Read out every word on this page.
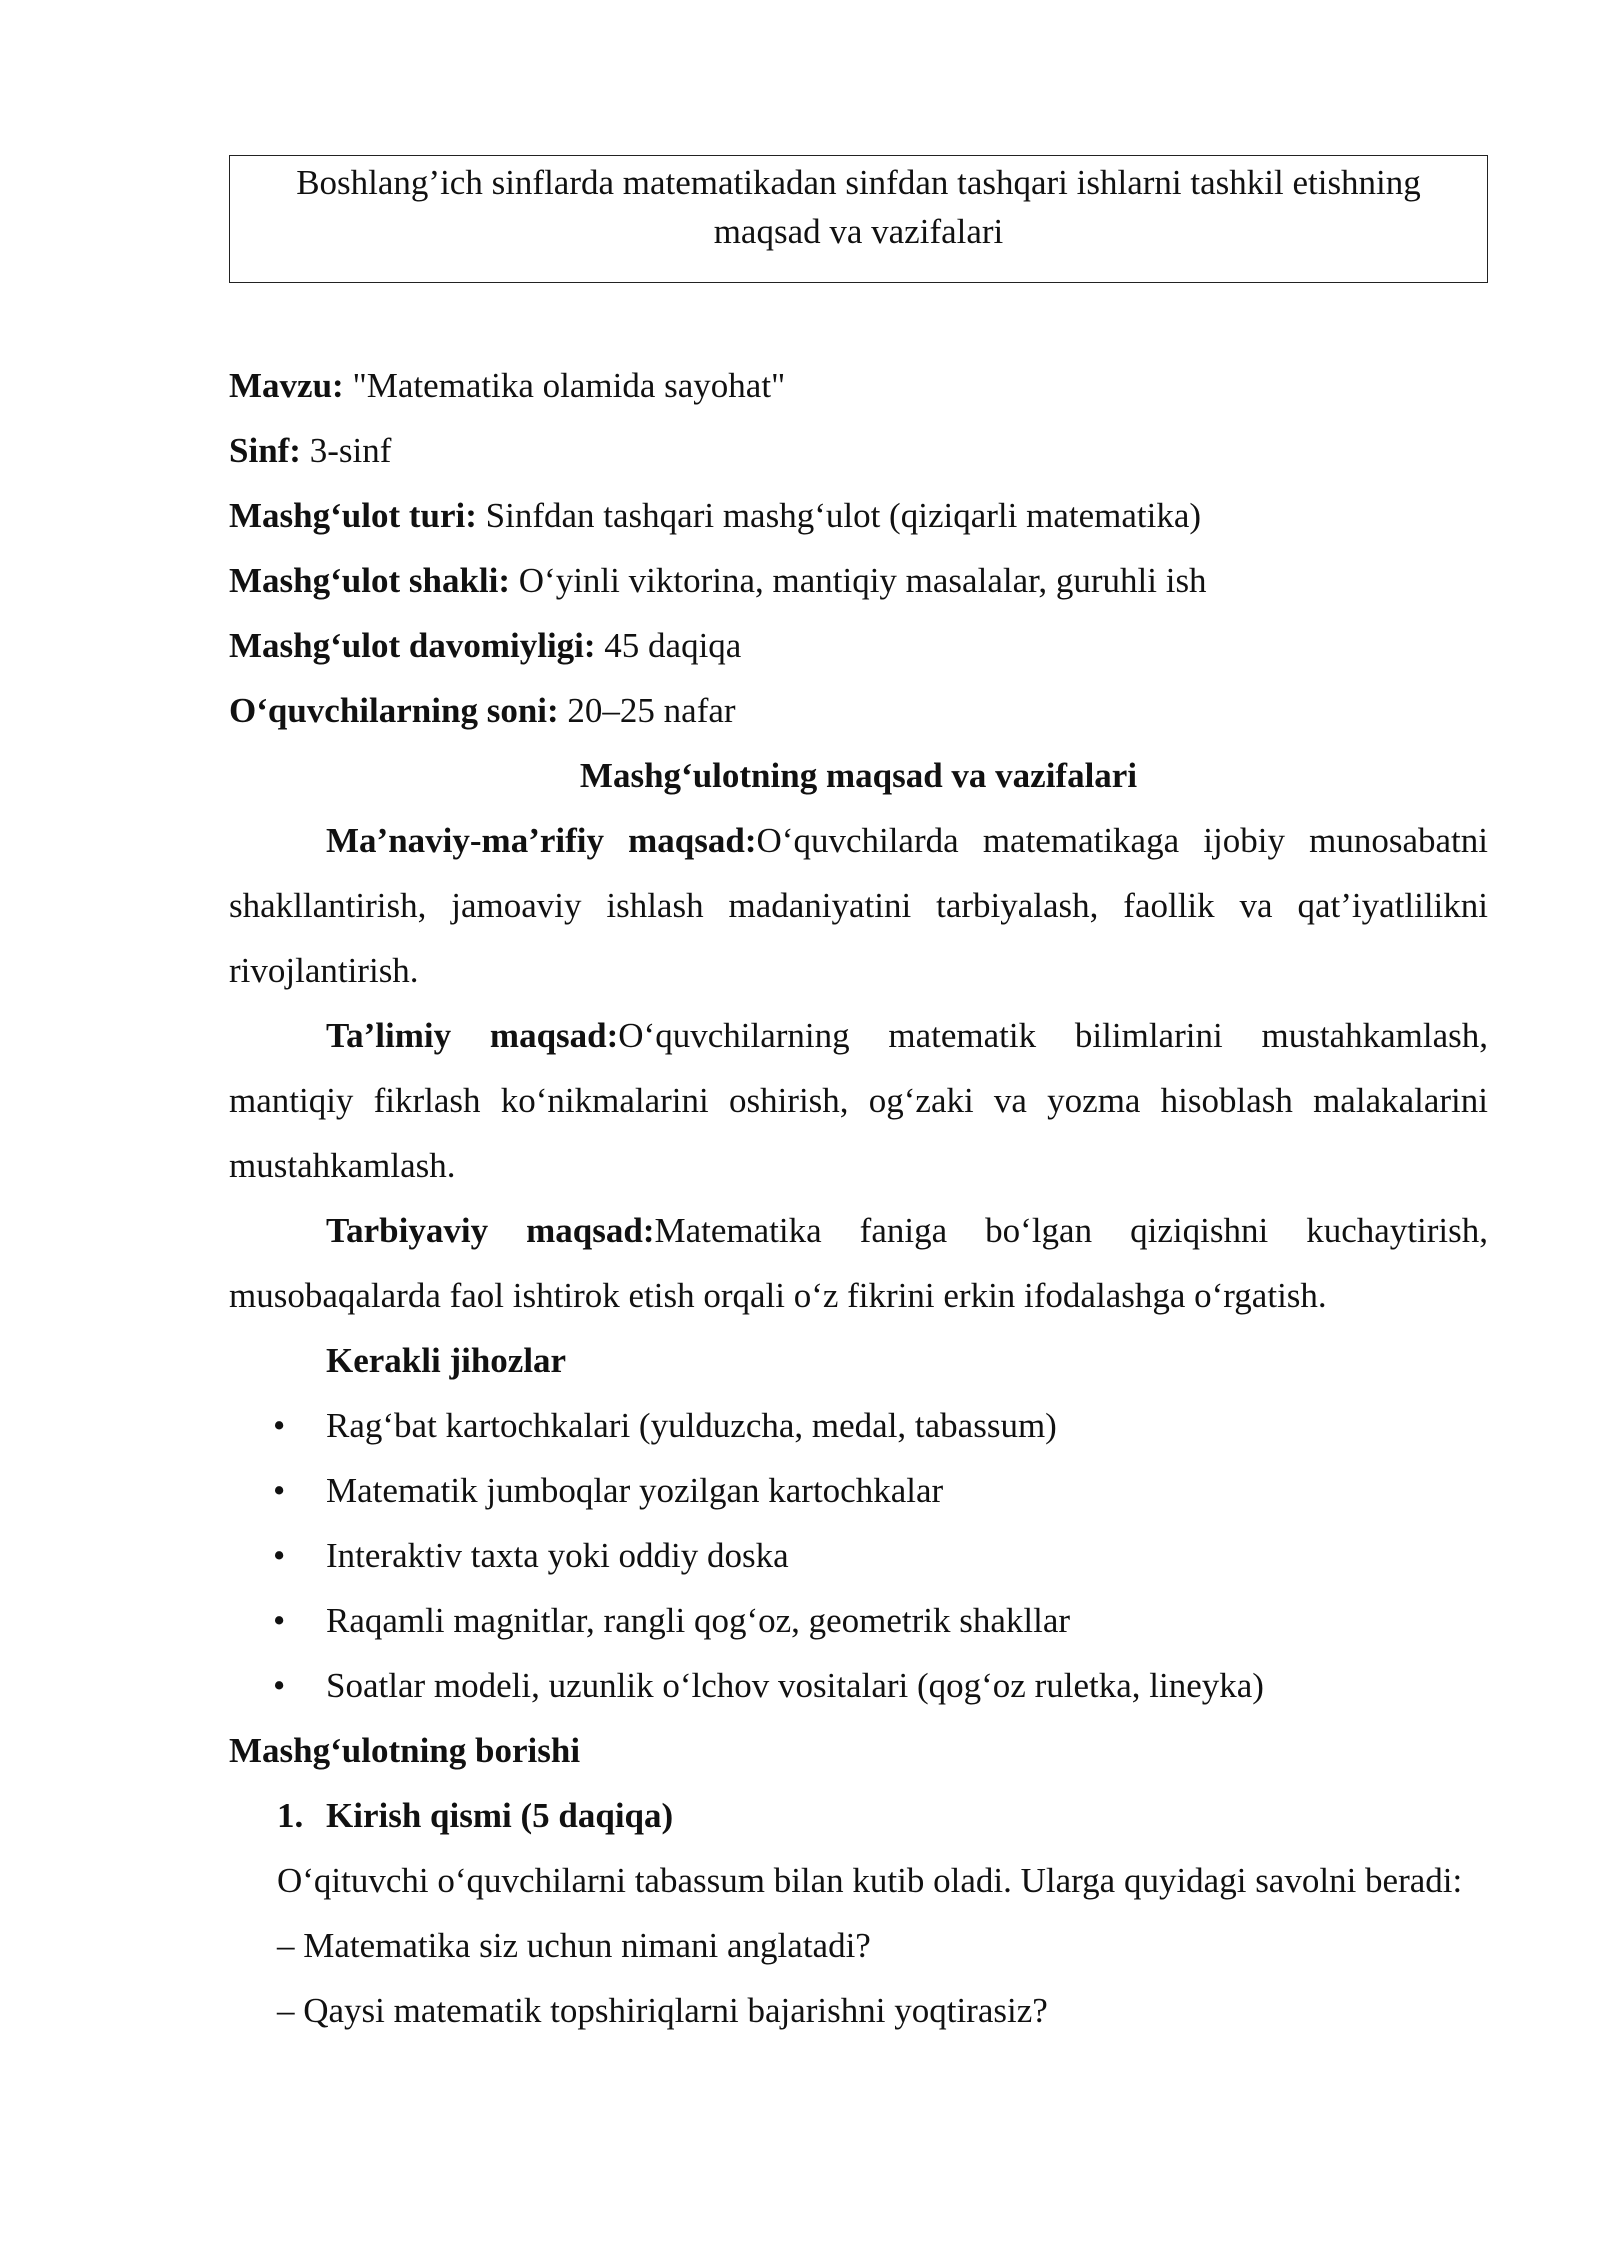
Boshlang’ich sinflarda matematikadan sinfdan tashqari ishlarni tashkil etishning maqsad va vazifalari

Mavzu: "Matematika olamida sayohat"

Sinf: 3-sinf

Mashg‘ulot turi: Sinfdan tashqari mashg‘ulot (qiziqarli matematika)

Mashg‘ulot shakli: O‘yinli viktorina, mantiqiy masalalar, guruhli ish

Mashg‘ulot davomiyligi: 45 daqiqa

O‘quvchilarning soni: 20–25 nafar

Mashg‘ulotning maqsad va vazifalari

Ma’naviy-ma’rifiy maqsad:O‘quvchilarda matematikaga ijobiy munosabatni shakllantirish, jamoaviy ishlash madaniyatini tarbiyalash, faollik va qat’iyatlilikni rivojlantirish.

Ta’limiy maqsad:O‘quvchilarning matematik bilimlarini mustahkamlash, mantiqiy fikrlash ko‘nikmalarini oshirish, og‘zaki va yozma hisoblash malakalarini mustahkamlash.

Tarbiyaviy maqsad:Matematika faniga bo‘lgan qiziqishni kuchaytirish, musobaqalarda faol ishtirok etish orqali o‘z fikrini erkin ifodalashga o‘rgatish.

Kerakli jihozlar

• Rag‘bat kartochkalari (yulduzcha, medal, tabassum)
• Matematik jumboqlar yozilgan kartochkalar
• Interaktiv taxta yoki oddiy doska
• Raqamli magnitlar, rangli qog‘oz, geometrik shakllar
• Soatlar modeli, uzunlik o‘lchov vositalari (qog‘oz ruletka, lineyka)

Mashg‘ulotning borishi

1. Kirish qismi (5 daqiqa)

O‘qituvchi o‘quvchilarni tabassum bilan kutib oladi. Ularga quyidagi savolni beradi:

– Matematika siz uchun nimani anglatadi?

– Qaysi matematik topshiriqlarni bajarishni yoqtirasiz?
